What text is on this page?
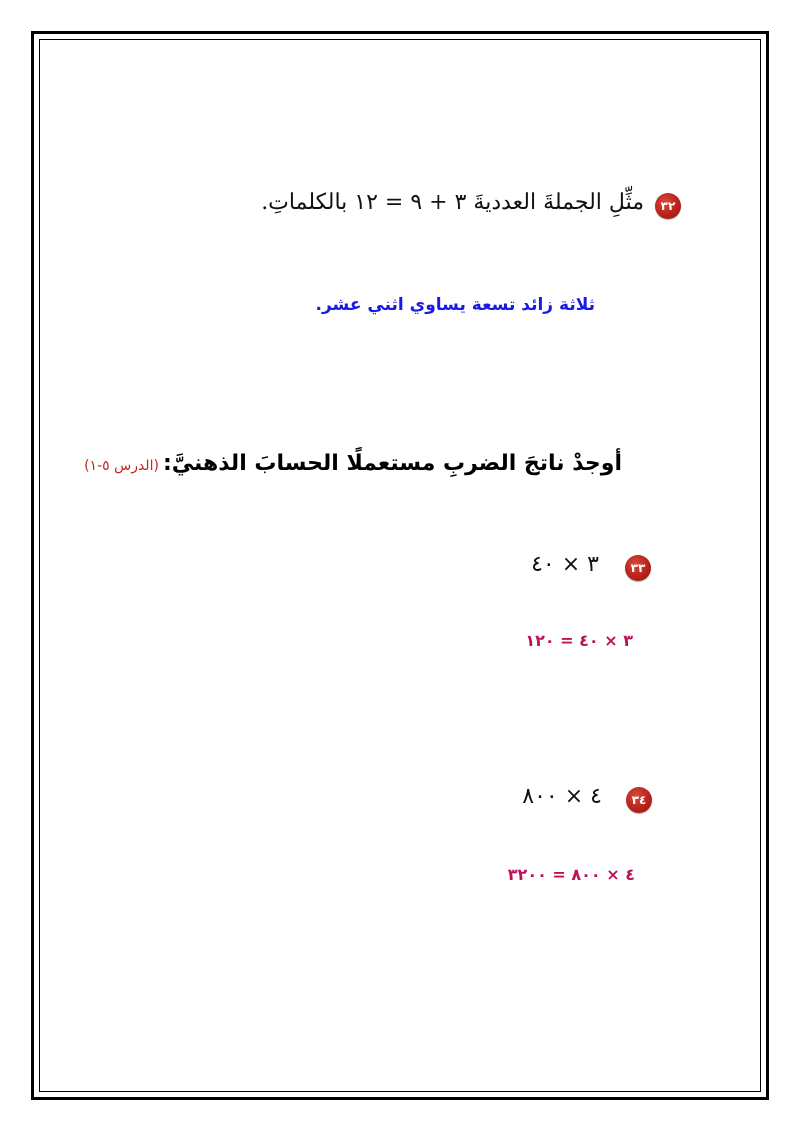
٣٢
مثِّلِ الجملةَ العدديةَ ٣ + ٩ = ١٢ بالكلماتِ.
ثلاثة زائد تسعة يساوي اثني عشر.
أوجدْ ناتجَ الضربِ مستعملًا الحسابَ الذهنيَّ: (الدرس ٥-١)
٣٣
٣ × ٤٠
٣ × ٤٠ = ١٢٠
٣٤
٤ × ٨٠٠
٤ × ٨٠٠ = ٣٢٠٠
